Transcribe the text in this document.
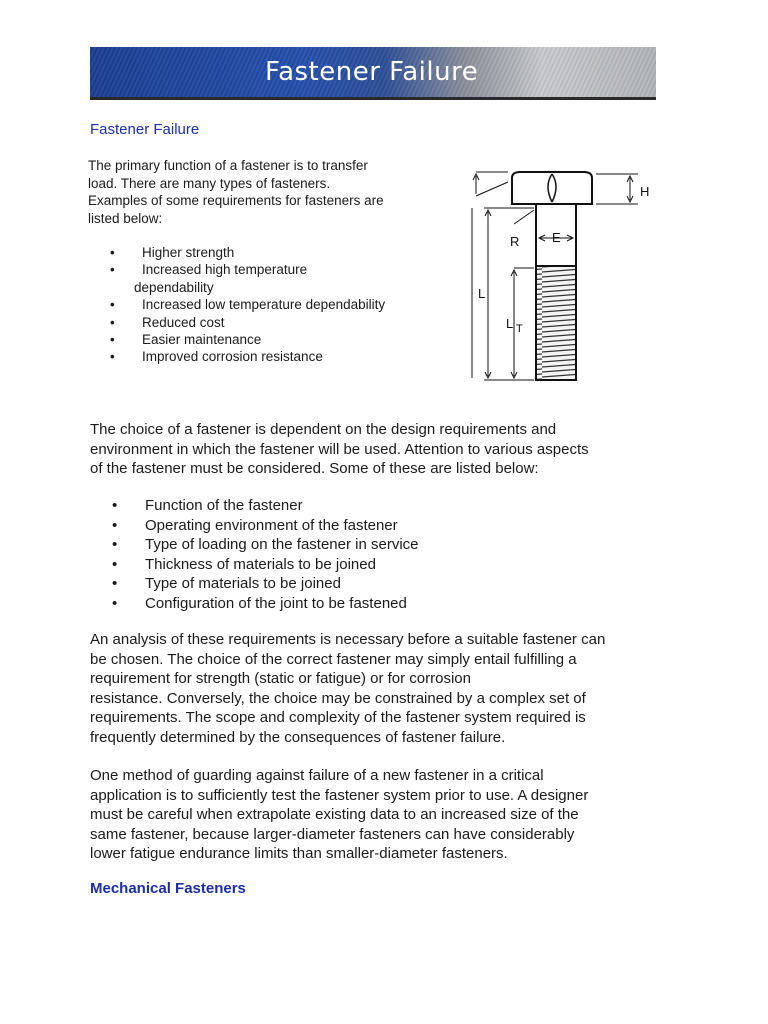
Fastener Failure
Fastener Failure
The primary function of a fastener is to transfer
load. There are many types of fasteners.
Examples of some requirements for fasteners are
listed below:
• Higher strength
• Increased high temperature
dependability
• Increased low temperature dependability
• Reduced cost
• Easier maintenance
• Improved corrosion resistance
H
R	E
L
L T
The choice of a fastener is dependent on the design requirements and
environment in which the fastener will be used. Attention to various aspects
of the fastener must be considered. Some of these are listed below:
• Function of the fastener
• Operating environment of the fastener
• Type of loading on the fastener in service
• Thickness of materials to be joined
• Type of materials to be joined
• Configuration of the joint to be fastened
An analysis of these requirements is necessary before a suitable fastener can
be chosen. The choice of the correct fastener may simply entail fulfilling a
requirement for strength (static or fatigue) or for corrosion
resistance. Conversely, the choice may be constrained by a complex set of
requirements. The scope and complexity of the fastener system required is
frequently determined by the consequences of fastener failure.
One method of guarding against failure of a new fastener in a critical
application is to sufficiently test the fastener system prior to use. A designer
must be careful when extrapolate existing data to an increased size of the
same fastener, because larger-diameter fasteners can have considerably
lower fatigue endurance limits than smaller-diameter fasteners.
Mechanical Fasteners
